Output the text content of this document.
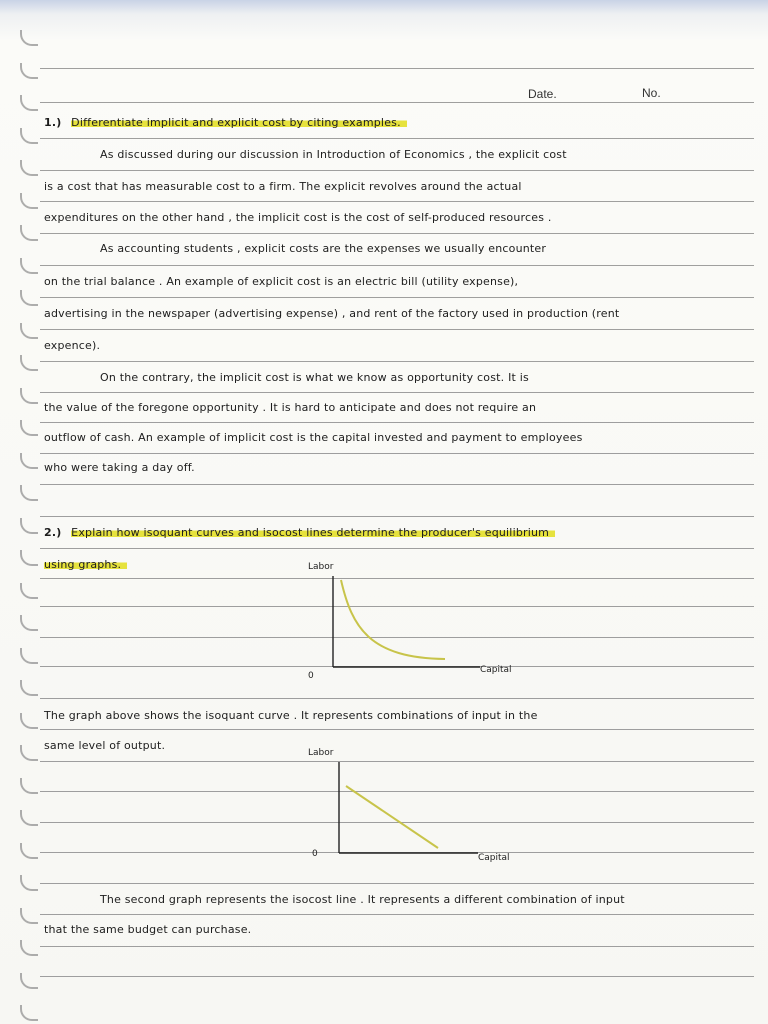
Date.	No.
1.) Differentiate implicit and explicit cost by citing examples.
As discussed during our discussion in Introduction of Economics , the explicit cost
is a cost that has measurable cost to a firm. The explicit revolves around the actual
expenditures on the other hand , the implicit cost is the cost of self-produced resources .
As accounting students , explicit costs are the expenses we usually encounter
on the trial balance . An example of explicit cost is an electric bill (utility expense),
advertising in the newspaper (advertising expense) , and rent of the factory used in production (rent
expence).
On the contrary, the implicit cost is what we know as opportunity cost. It is
the value of the foregone opportunity . It is hard to anticipate and does not require an
outflow of cash. An example of implicit cost is the capital invested and payment to employees
who were taking a day off.
2.) Explain how isoquant curves and isocost lines determine the producer's equilibrium
using graphs.	Labor
0
Capital
The graph above shows the isoquant curve . It represents combinations of input in the
same level of output.
Labor
0	Capital
The second graph represents the isocost line . It represents a different combination of input
that the same budget can purchase.
